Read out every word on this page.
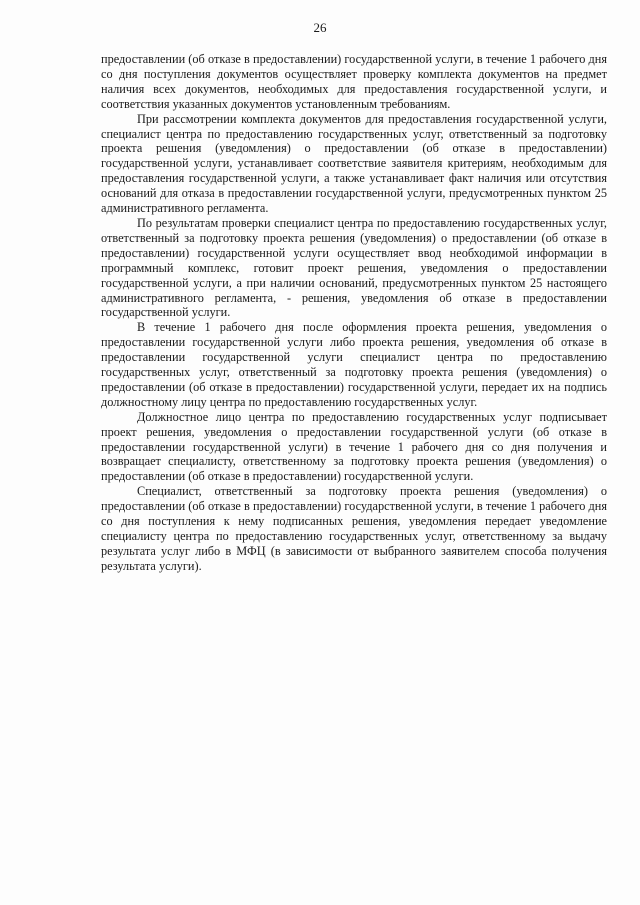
26

предоставлении (об отказе в предоставлении) государственной услуги, в течение 1 рабочего дня со дня поступления документов осуществляет проверку комплекта документов на предмет наличия всех документов, необходимых для предоставления государственной услуги, и соответствия указанных документов установленным требованиям.

При рассмотрении комплекта документов для предоставления государственной услуги, специалист центра по предоставлению государственных услуг, ответственный за подготовку проекта решения (уведомления) о предоставлении (об отказе в предоставлении) государственной услуги, устанавливает соответствие заявителя критериям, необходимым для предоставления государственной услуги, а также устанавливает факт наличия или отсутствия оснований для отказа в предоставлении государственной услуги, предусмотренных пунктом 25 административного регламента.

По результатам проверки специалист центра по предоставлению государственных услуг, ответственный за подготовку проекта решения (уведомления) о предоставлении (об отказе в предоставлении) государственной услуги осуществляет ввод необходимой информации в программный комплекс, готовит проект решения, уведомления о предоставлении государственной услуги, а при наличии оснований, предусмотренных пунктом 25 настоящего административного регламента, - решения, уведомления об отказе в предоставлении государственной услуги.

В течение 1 рабочего дня после оформления проекта решения, уведомления о предоставлении государственной услуги либо проекта решения, уведомления об отказе в предоставлении государственной услуги специалист центра по предоставлению государственных услуг, ответственный за подготовку проекта решения (уведомления) о предоставлении (об отказе в предоставлении) государственной услуги, передает их на подпись должностному лицу центра по предоставлению государственных услуг.

Должностное лицо центра по предоставлению государственных услуг подписывает проект решения, уведомления о предоставлении государственной услуги (об отказе в предоставлении государственной услуги) в течение 1 рабочего дня со дня получения и возвращает специалисту, ответственному за подготовку проекта решения (уведомления) о предоставлении (об отказе в предоставлении) государственной услуги.

Специалист, ответственный за подготовку проекта решения (уведомления) о предоставлении (об отказе в предоставлении) государственной услуги, в течение 1 рабочего дня со дня поступления к нему подписанных решения, уведомления передает уведомление специалисту центра по предоставлению государственных услуг, ответственному за выдачу результата услуг либо в МФЦ (в зависимости от выбранного заявителем способа получения результата услуги).
